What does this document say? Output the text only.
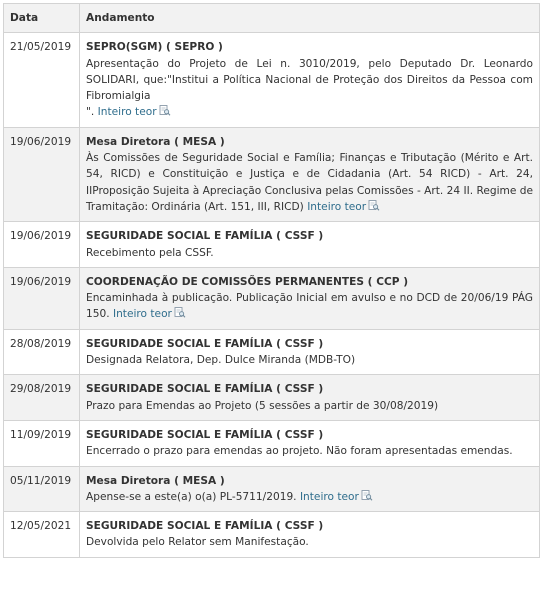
Data	Andamento
21/05/2019	SEPRO(SGM) ( SEPRO )
Apresentação do Projeto de Lei n. 3010/2019, pelo Deputado Dr. Leonardo SOLIDARI, que:"Institui a Política Nacional de Proteção dos Direitos da Pessoa com Fibromialgia
". Inteiro teor
19/06/2019	Mesa Diretora ( MESA )
Às Comissões de Seguridade Social e Família; Finanças e Tributação (Mérito e Art. 54, RICD) e Constituição e Justiça e de Cidadania (Art. 54 RICD) - Art. 24, IIProposição Sujeita à Apreciação Conclusiva pelas Comissões - Art. 24 II. Regime de Tramitação: Ordinária (Art. 151, III, RICD) Inteiro teor

19/06/2019	SEGURIDADE SOCIAL E FAMÍLIA ( CSSF )
Recebimento pela CSSF.

19/06/2019	COORDENAÇÃO DE COMISSÕES PERMANENTES ( CCP )
Encaminhada à publicação. Publicação Inicial em avulso e no DCD de 20/06/19 PÁG 150. Inteiro teor

28/08/2019	SEGURIDADE SOCIAL E FAMÍLIA ( CSSF )
Designada Relatora, Dep. Dulce Miranda (MDB-TO)

29/08/2019	SEGURIDADE SOCIAL E FAMÍLIA ( CSSF )
Prazo para Emendas ao Projeto (5 sessões a partir de 30/08/2019)

11/09/2019	SEGURIDADE SOCIAL E FAMÍLIA ( CSSF )
Encerrado o prazo para emendas ao projeto. Não foram apresentadas emendas.

05/11/2019	Mesa Diretora ( MESA )
Apense-se a este(a) o(a) PL-5711/2019. Inteiro teor

12/05/2021	SEGURIDADE SOCIAL E FAMÍLIA ( CSSF )
Devolvida pelo Relator sem Manifestação.
